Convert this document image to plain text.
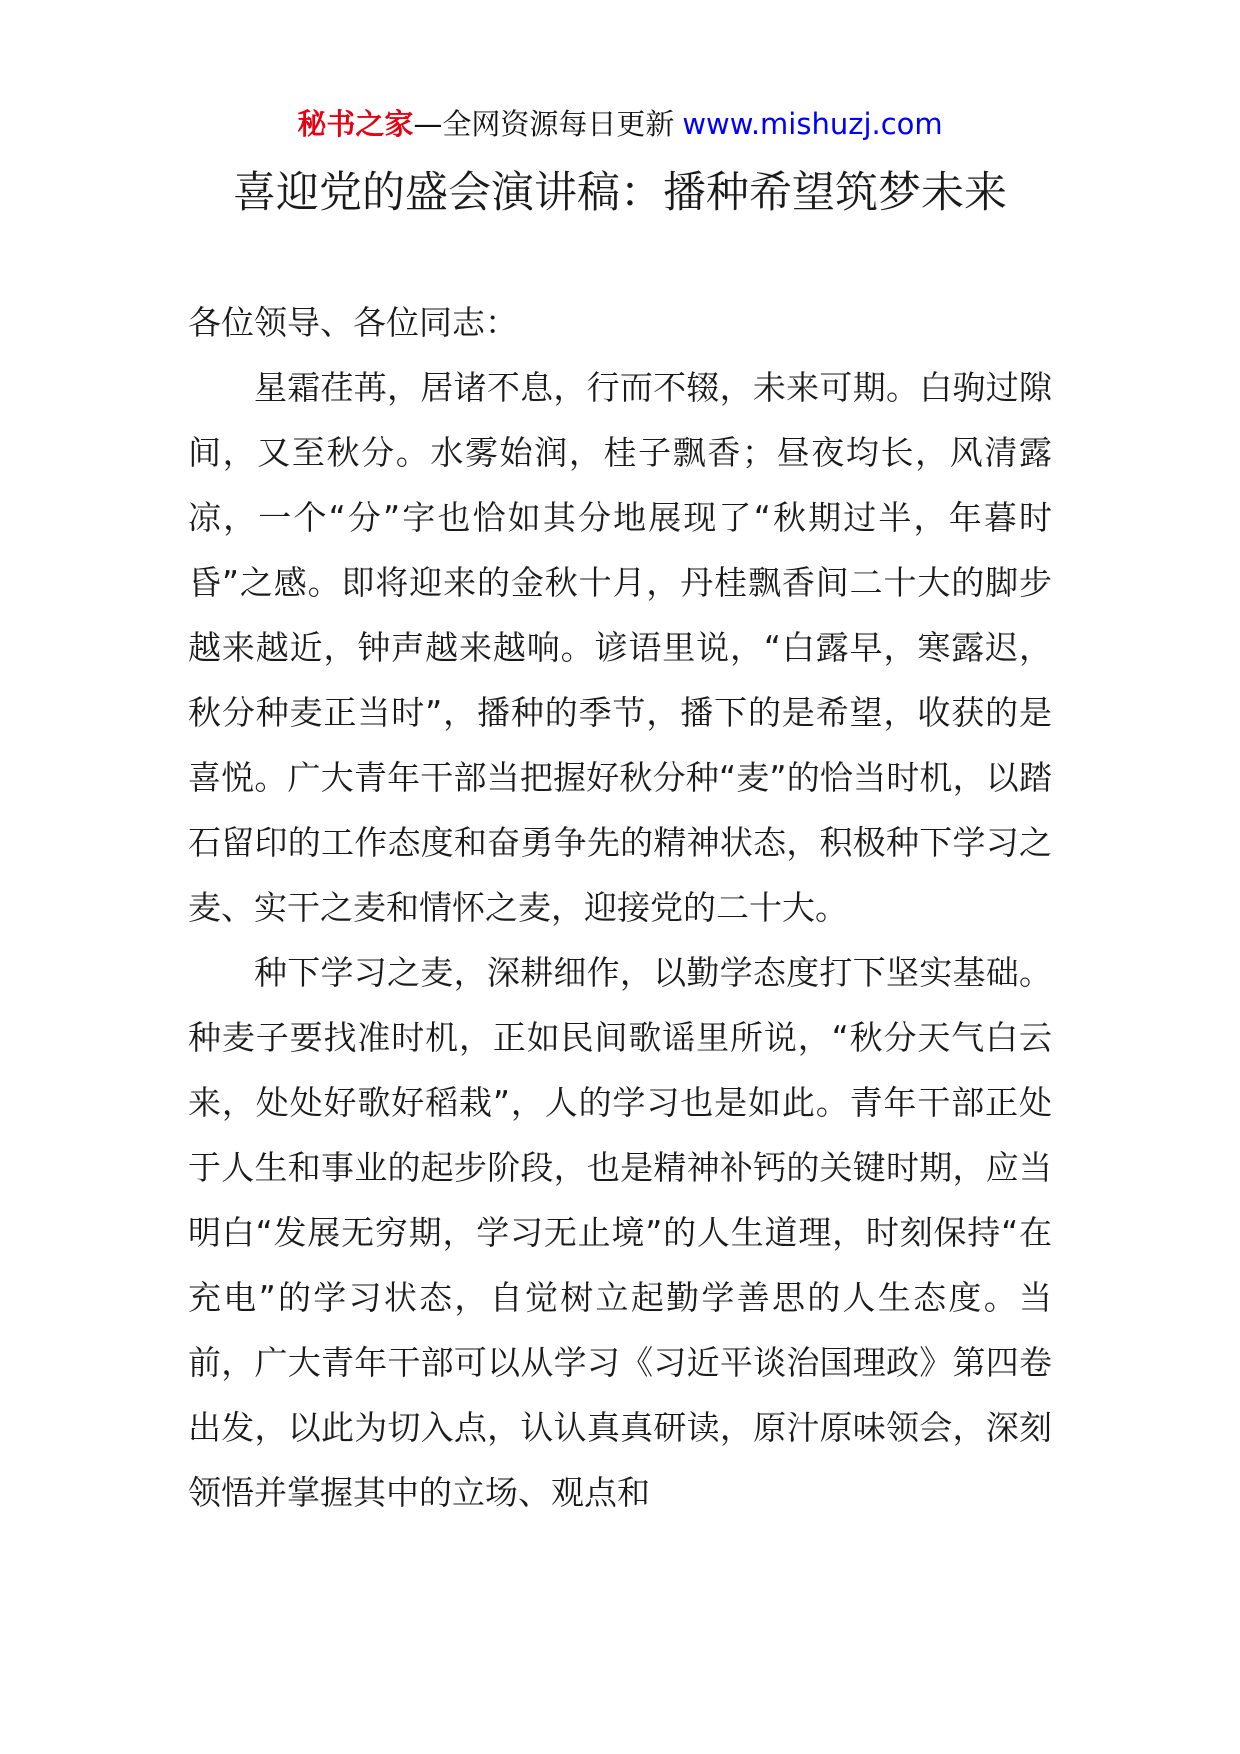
秘书之家—全网资源每日更新 www.mishuzj.com
喜迎党的盛会演讲稿：播种希望筑梦未来

各位领导、各位同志：

星霜荏苒，居诸不息，行而不辍，未来可期。白驹过隙间，又至秋分。水雾始润，桂子飘香；昼夜均长，风清露凉，一个“分”字也恰如其分地展现了“秋期过半，年暮时昏”之感。即将迎来的金秋十月，丹桂飘香间二十大的脚步越来越近，钟声越来越响。谚语里说，“白露早，寒露迟，秋分种麦正当时”，播种的季节，播下的是希望，收获的是喜悦。广大青年干部当把握好秋分种“麦”的恰当时机，以踏石留印的工作态度和奋勇争先的精神状态，积极种下学习之麦、实干之麦和情怀之麦，迎接党的二十大。

种下学习之麦，深耕细作，以勤学态度打下坚实基础。种麦子要找准时机，正如民间歌谣里所说，“秋分天气白云来，处处好歌好稻栽”，人的学习也是如此。青年干部正处于人生和事业的起步阶段，也是精神补钙的关键时期，应当明白“发展无穷期，学习无止境”的人生道理，时刻保持“在充电”的学习状态，自觉树立起勤学善思的人生态度。当前，广大青年干部可以从学习《习近平谈治国理政》第四卷出发，以此为切入点，认认真真研读，原汁原味领会，深刻领悟并掌握其中的立场、观点和
